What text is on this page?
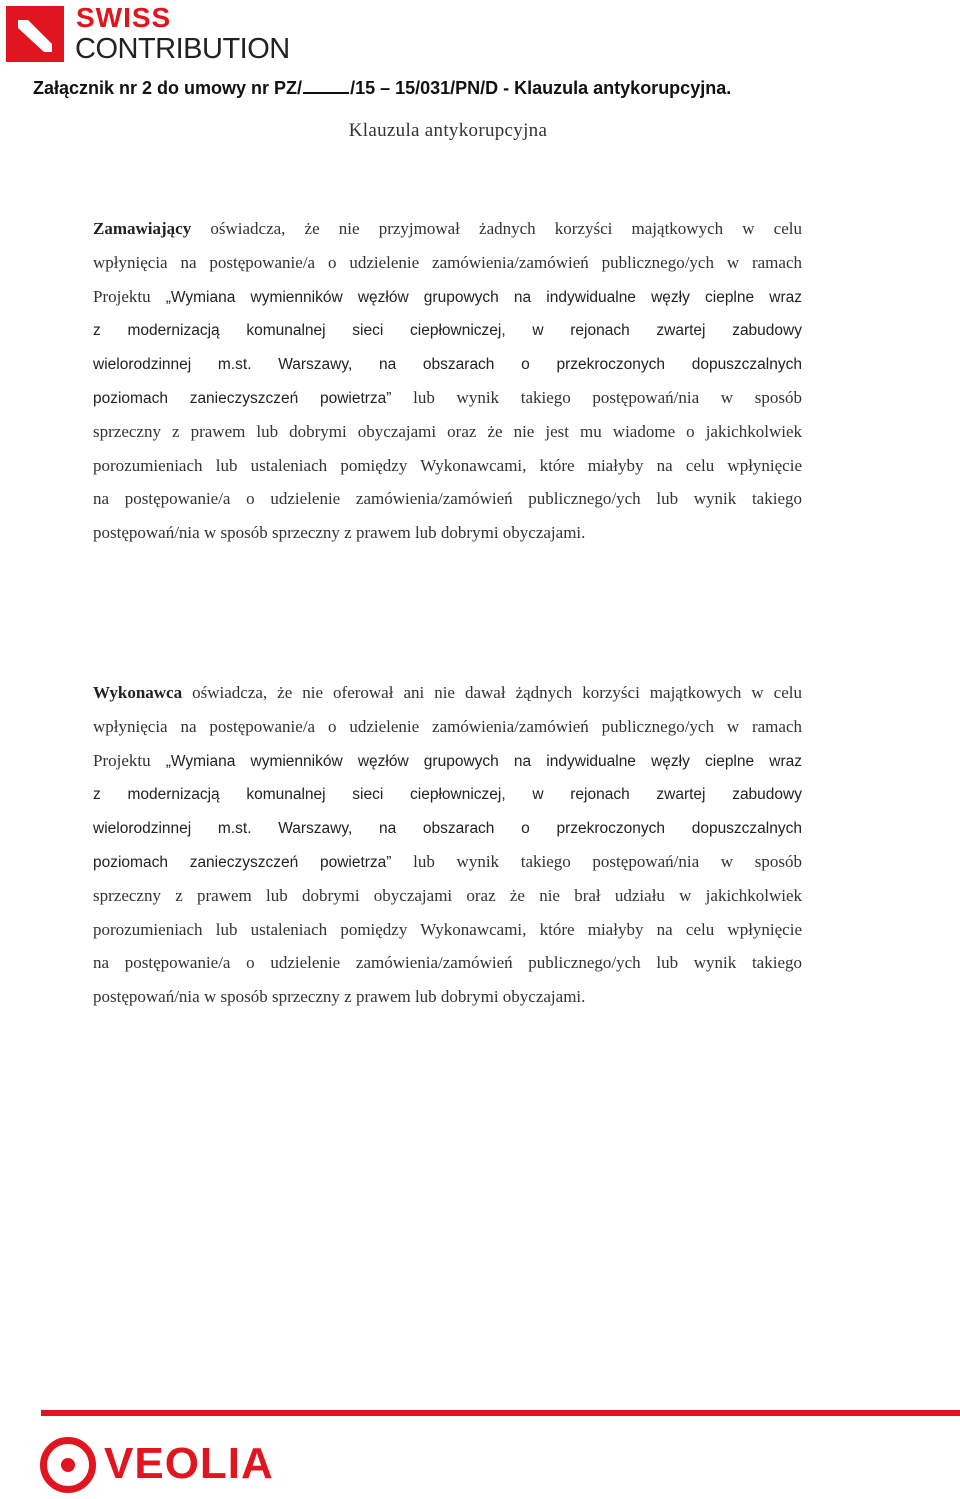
SWISS
CONTRIBUTION
Załącznik nr 2 do umowy nr PZ/	/15 – 15/031/PN/D - Klauzula antykorupcyjna.
Klauzula antykorupcyjna
Zamawiający oświadcza, że nie przyjmował żadnych korzyści majątkowych w celu
wpłynięcia na postępowanie/a o udzielenie zamówienia/zamówień publicznego/ych w ramach
Projektu „Wymiana wymienników węzłów grupowych na indywidualne węzły cieplne wraz
z modernizacją komunalnej sieci ciepłowniczej, w rejonach zwartej zabudowy
wielorodzinnej m.st. Warszawy, na obszarach o przekroczonych dopuszczalnych
poziomach zanieczyszczeń powietrza” lub wynik takiego postępowań/nia w sposób
sprzeczny z prawem lub dobrymi obyczajami oraz że nie jest mu wiadome o jakichkolwiek
porozumieniach lub ustaleniach pomiędzy Wykonawcami, które miałyby na celu wpłynięcie
na postępowanie/a o udzielenie zamówienia/zamówień publicznego/ych lub wynik takiego
postępowań/nia w sposób sprzeczny z prawem lub dobrymi obyczajami.
Wykonawca oświadcza, że nie oferował ani nie dawał żądnych korzyści majątkowych w celu
wpłynięcia na postępowanie/a o udzielenie zamówienia/zamówień publicznego/ych w ramach
Projektu „Wymiana wymienników węzłów grupowych na indywidualne węzły cieplne wraz
z modernizacją komunalnej sieci ciepłowniczej, w rejonach zwartej zabudowy
wielorodzinnej m.st. Warszawy, na obszarach o przekroczonych dopuszczalnych
poziomach zanieczyszczeń powietrza” lub wynik takiego postępowań/nia w sposób
sprzeczny z prawem lub dobrymi obyczajami oraz że nie brał udziału w jakichkolwiek
porozumieniach lub ustaleniach pomiędzy Wykonawcami, które miałyby na celu wpłynięcie
na postępowanie/a o udzielenie zamówienia/zamówień publicznego/ych lub wynik takiego
postępowań/nia w sposób sprzeczny z prawem lub dobrymi obyczajami.
VEOLIA
